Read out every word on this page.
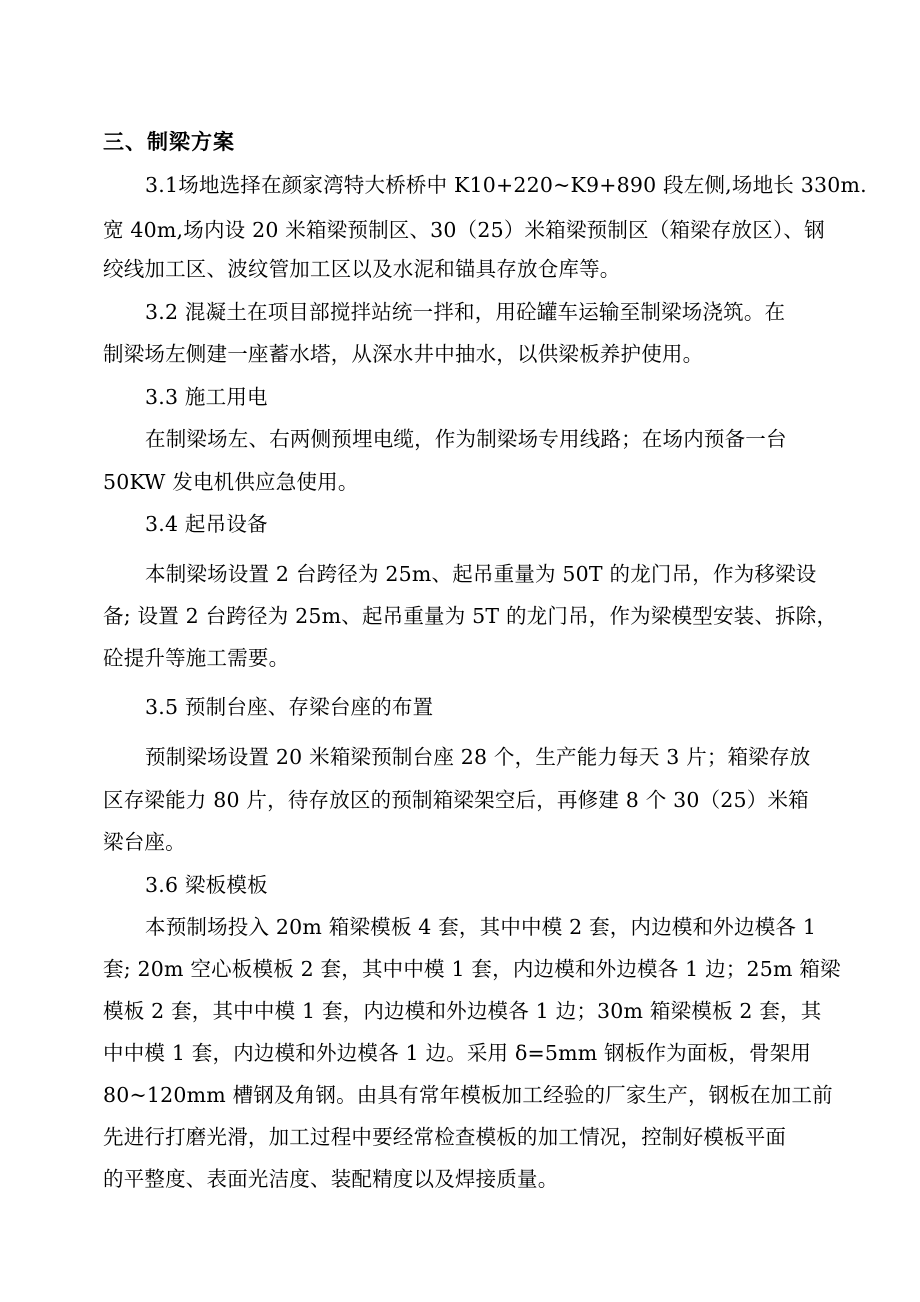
三、制梁方案
3.1场地选择在颜家湾特大桥桥中 K10+220~K9+890 段左侧,场地长 330m.
宽 40m,场内设 20 米箱梁预制区、30（25）米箱梁预制区（箱梁存放区）、钢
绞线加工区、波纹管加工区以及水泥和锚具存放仓库等。
3.2 混凝土在项目部搅拌站统一拌和，用砼罐车运输至制梁场浇筑。在
制梁场左侧建一座蓄水塔，从深水井中抽水，以供梁板养护使用。
3.3 施工用电
在制梁场左、右两侧预埋电缆，作为制梁场专用线路；在场内预备一台
50KW 发电机供应急使用。
3.4 起吊设备
本制梁场设置 2 台跨径为 25m、起吊重量为 50T 的龙门吊，作为移梁设
备; 设置 2 台跨径为 25m、起吊重量为 5T 的龙门吊，作为梁模型安装、拆除，
砼提升等施工需要。
3.5 预制台座、存梁台座的布置
预制梁场设置 20 米箱梁预制台座 28 个，生产能力每天 3 片；箱梁存放
区存梁能力 80 片，待存放区的预制箱梁架空后，再修建 8 个 30（25）米箱
梁台座。
3.6 梁板模板
本预制场投入 20m 箱梁模板 4 套，其中中模 2 套，内边模和外边模各 1
套; 20m 空心板模板 2 套，其中中模 1 套，内边模和外边模各 1 边；25m 箱梁
模板 2 套，其中中模 1 套，内边模和外边模各 1 边；30m 箱梁模板 2 套，其
中中模 1 套，内边模和外边模各 1 边。采用 δ=5mm 钢板作为面板，骨架用
80~120mm 槽钢及角钢。由具有常年模板加工经验的厂家生产，钢板在加工前
先进行打磨光滑，加工过程中要经常检查模板的加工情况，控制好模板平面
的平整度、表面光洁度、装配精度以及焊接质量。
